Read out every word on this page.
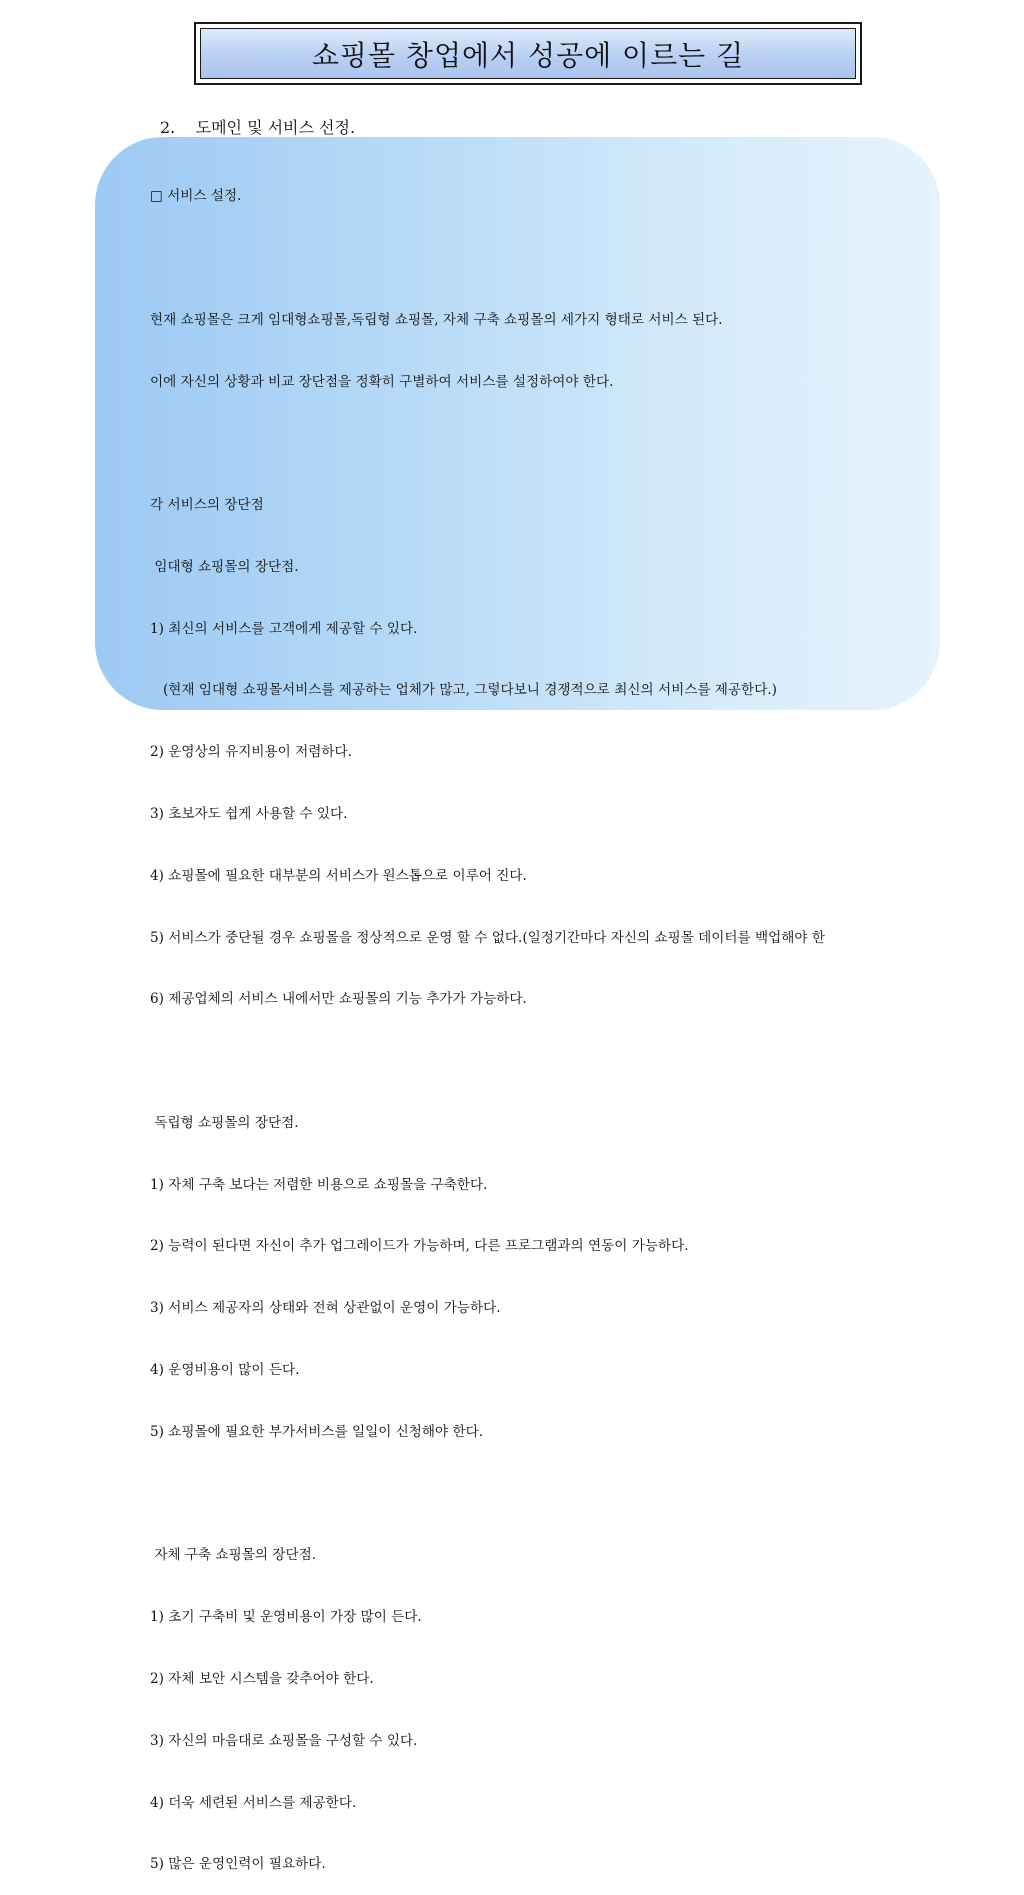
쇼핑몰 창업에서 성공에 이르는 길
2. 도메인 및 서비스 선정.

□ 서비스 설정.

현재 쇼핑몰은 크게 임대형쇼핑몰,독립형 쇼핑몰, 자체 구축 쇼핑몰의 세가지 형태로 서비스 된다.

이에 자신의 상황과 비교 장단점을 정확히 구별하여 서비스를 설정하여야 한다.

각 서비스의 장단점

임대형 쇼핑몰의 장단점.

1) 최신의 서비스를 고객에게 제공할 수 있다.

(현재 임대형 쇼핑몰서비스를 제공하는 업체가 많고, 그렇다보니 경쟁적으로 최신의 서비스를 제공한다.)

2) 운영상의 유지비용이 저렴하다.

3) 초보자도 쉽게 사용할 수 있다.

4) 쇼핑몰에 필요한 대부분의 서비스가 원스톱으로 이루어 진다.

5) 서비스가 중단될 경우 쇼핑몰을 정상적으로 운영 할 수 없다.(일정기간마다 자신의 쇼핑몰 데이터를 백업해야 한

6) 제공업체의 서비스 내에서만 쇼핑몰의 기능 추가가 가능하다.

독립형 쇼핑몰의 장단점.

1) 자체 구축 보다는 저렴한 비용으로 쇼핑몰을 구축한다.

2) 능력이 된다면 자신이 추가 업그레이드가 가능하며, 다른 프로그램과의 연동이 가능하다.

3) 서비스 제공자의 상태와 전혀 상관없이 운영이 가능하다.

4) 운영비용이 많이 든다.

5) 쇼핑몰에 필요한 부가서비스를 일일이 신청해야 한다.

자체 구축 쇼핑몰의 장단점.

1) 초기 구축비 및 운영비용이 가장 많이 든다.

2) 자체 보안 시스템을 갖추어야 한다.

3) 자신의 마음대로 쇼핑몰을 구성할 수 있다.

4) 더욱 세련된 서비스를 제공한다.

5) 많은 운영인력이 필요하다.
